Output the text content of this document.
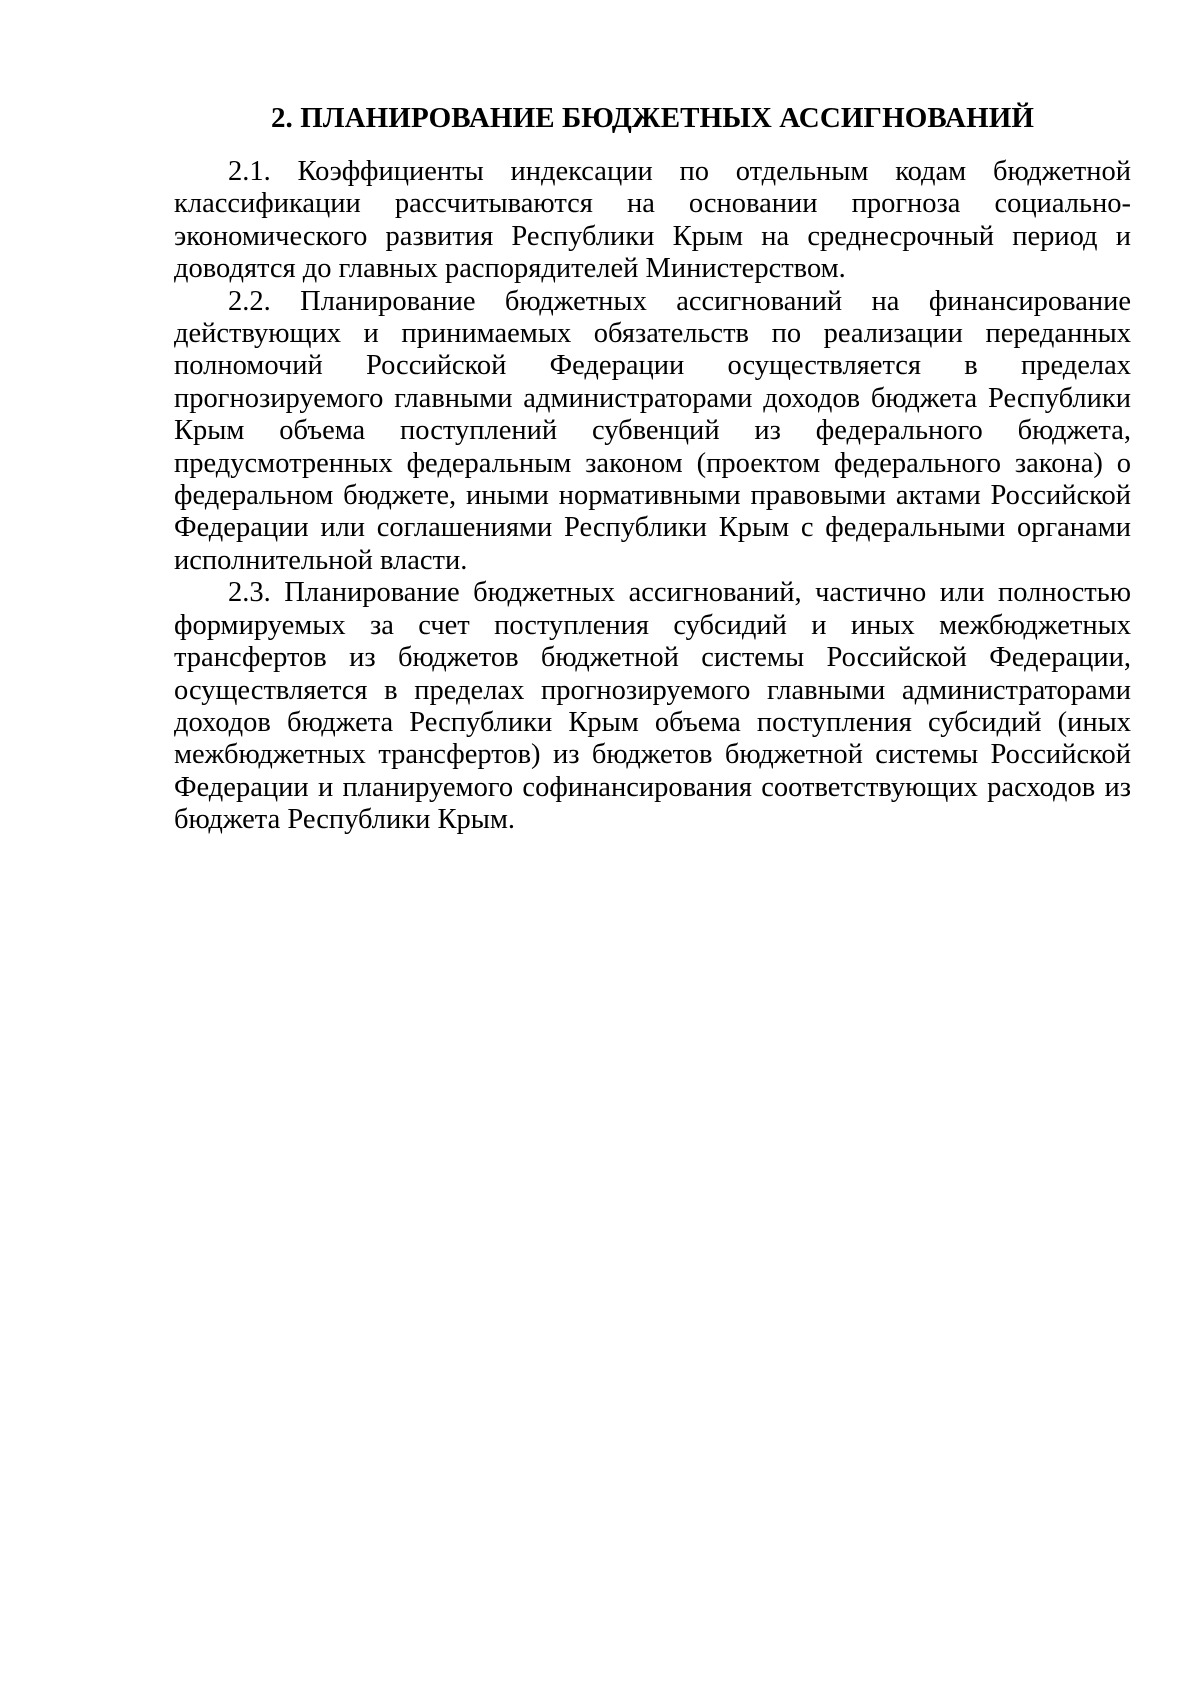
2. ПЛАНИРОВАНИЕ БЮДЖЕТНЫХ АССИГНОВАНИЙ

2.1. Коэффициенты индексации по отдельным кодам бюджетной классификации рассчитываются на основании прогноза социально-экономического развития Республики Крым на среднесрочный период и доводятся до главных распорядителей Министерством.

2.2. Планирование бюджетных ассигнований на финансирование действующих и принимаемых обязательств по реализации переданных полномочий Российской Федерации осуществляется в пределах прогнозируемого главными администраторами доходов бюджета Республики Крым объема поступлений субвенций из федерального бюджета, предусмотренных федеральным законом (проектом федерального закона) о федеральном бюджете, иными нормативными правовыми актами Российской Федерации или соглашениями Республики Крым с федеральными органами исполнительной власти.

2.3. Планирование бюджетных ассигнований, частично или полностью формируемых за счет поступления субсидий и иных межбюджетных трансфертов из бюджетов бюджетной системы Российской Федерации, осуществляется в пределах прогнозируемого главными администраторами доходов бюджета Республики Крым объема поступления субсидий (иных межбюджетных трансфертов) из бюджетов бюджетной системы Российской Федерации и планируемого софинансирования соответствующих расходов из бюджета Республики Крым.
